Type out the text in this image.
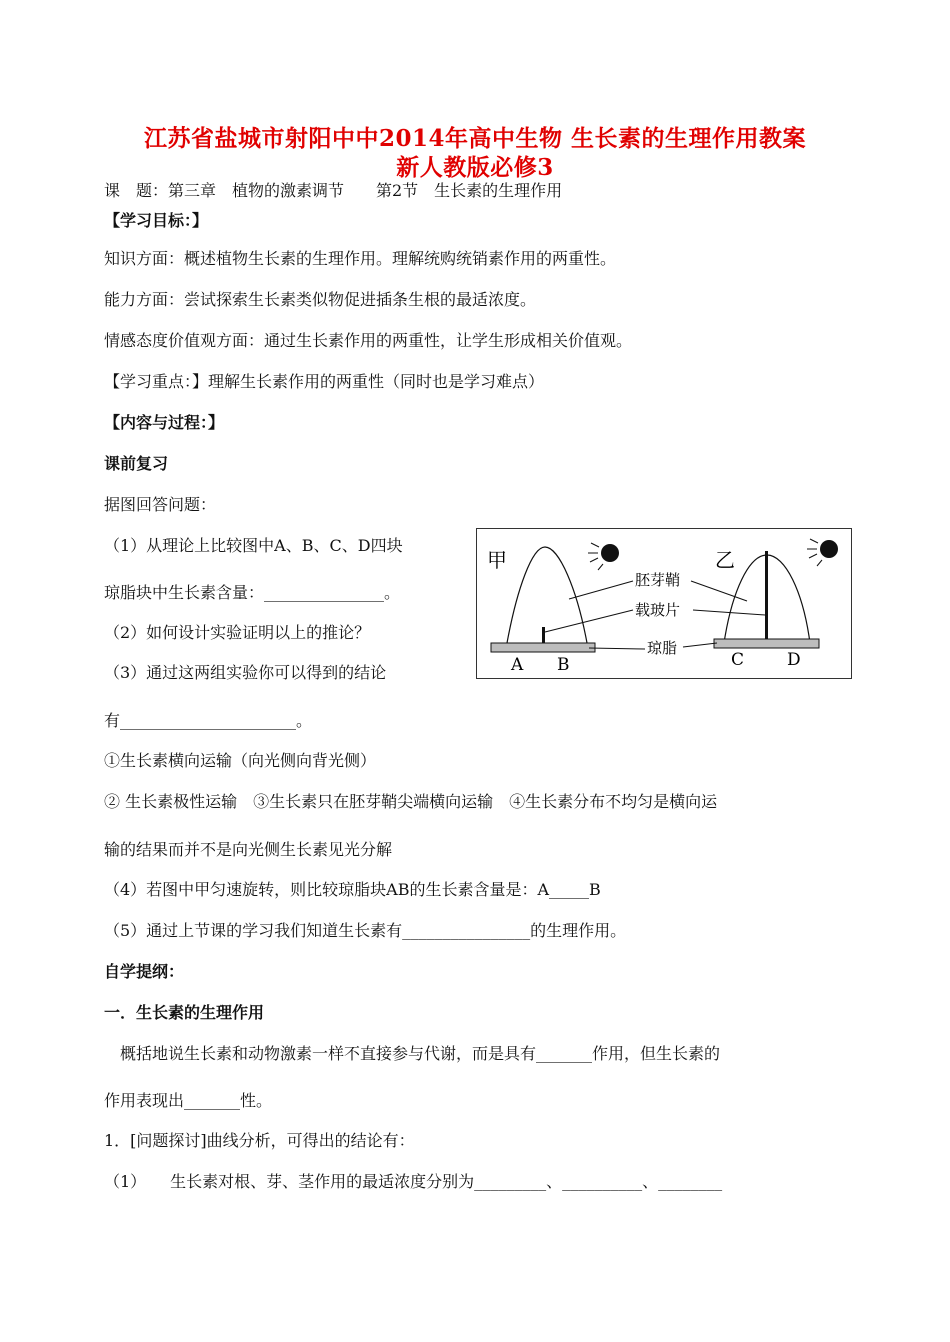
江苏省盐城市射阳中中2014年高中生物 生长素的生理作用教案
新人教版必修3
课　题：第三章　植物的激素调节　　第2节　生长素的生理作用
【学习目标：】
知识方面：概述植物生长素的生理作用。理解统购统销素作用的两重性。
能力方面：尝试探索生长素类似物促进插条生根的最适浓度。
情感态度价值观方面：通过生长素作用的两重性，让学生形成相关价值观。
【学习重点：】理解生长素作用的两重性（同时也是学习难点）
【内容与过程：】
课前复习
据图回答问题：
（1）从理论上比较图中A、B、C、D四块
琼脂块中生长素含量：_______________。
（2）如何设计实验证明以上的推论？
（3）通过这两组实验你可以得到的结论
有______________________。
①生长素横向运输（向光侧向背光侧）
② 生长素极性运输　③生长素只在胚芽鞘尖端横向运输　④生长素分布不均匀是横向运
输的结果而并不是向光侧生长素见光分解
（4）若图中甲匀速旋转，则比较琼脂块AB的生长素含量是：A_____B
（5）通过上节课的学习我们知道生长素有________________的生理作用。
自学提纲：
一．生长素的生理作用
　概括地说生长素和动物激素一样不直接参与代谢，而是具有_______作用，但生长素的
作用表现出_______性。
1．[问题探讨]曲线分析，可得出的结论有：
（1）　　生长素对根、芽、茎作用的最适浓度分别为_________、__________、________
甲
A B
乙
C	D
胚芽鞘
载玻片
琼脂
